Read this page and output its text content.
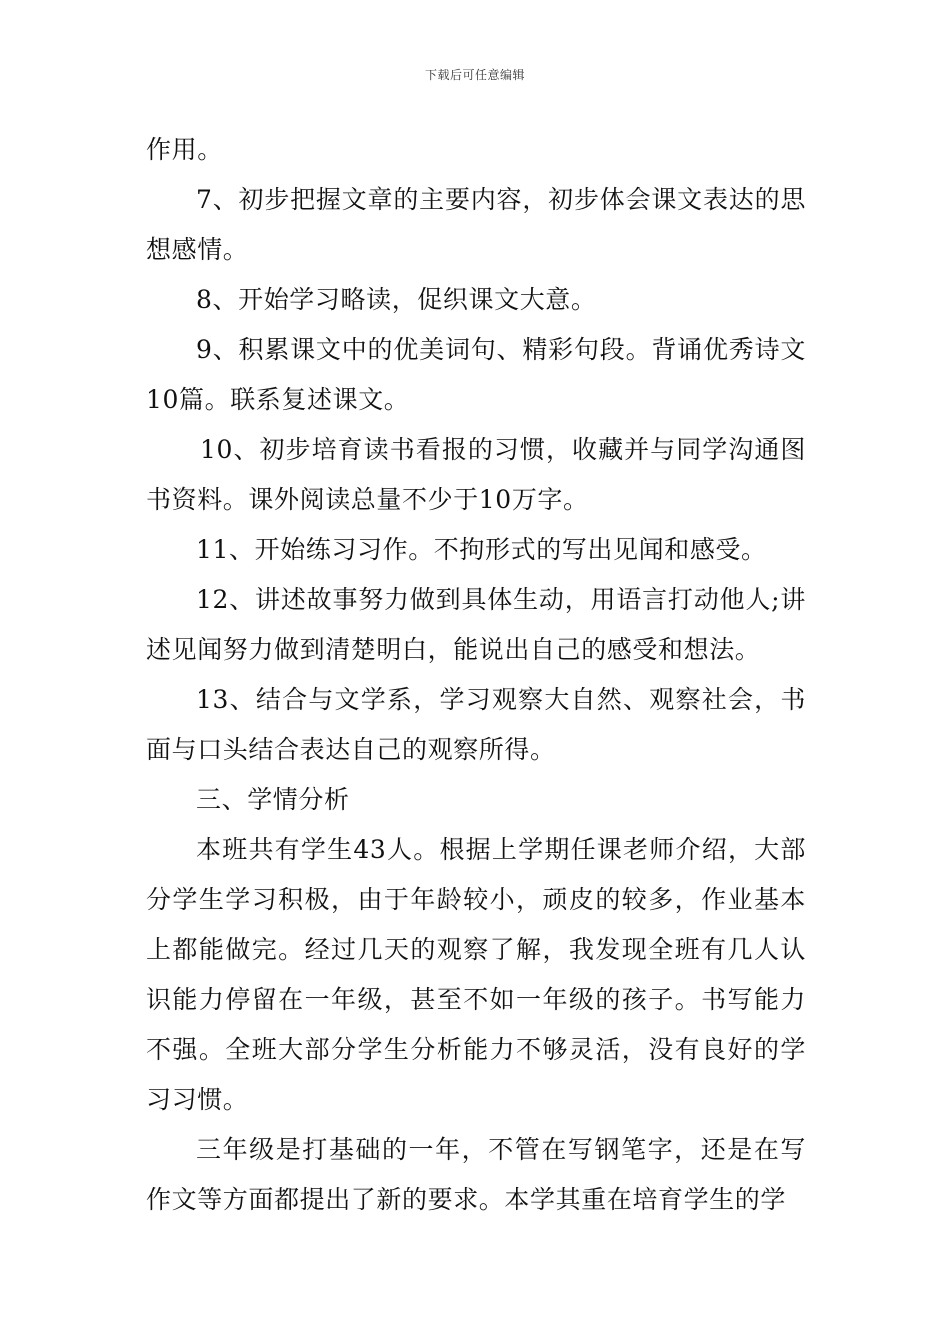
下载后可任意编辑

作用。

7、初步把握文章的主要内容，初步体会课文表达的思想感情。

8、开始学习略读，促织课文大意。

9、积累课文中的优美词句、精彩句段。背诵优秀诗文10篇。联系复述课文。

10、初步培育读书看报的习惯，收藏并与同学沟通图书资料。课外阅读总量不少于10万字。

11、开始练习习作。不拘形式的写出见闻和感受。

12、讲述故事努力做到具体生动，用语言打动他人;讲述见闻努力做到清楚明白，能说出自己的感受和想法。

13、结合与文学系，学习观察大自然、观察社会，书面与口头结合表达自己的观察所得。

三、学情分析

本班共有学生43人。根据上学期任课老师介绍，大部分学生学习积极，由于年龄较小，顽皮的较多，作业基本上都能做完。经过几天的观察了解，我发现全班有几人认识能力停留在一年级，甚至不如一年级的孩子。书写能力不强。全班大部分学生分析能力不够灵活，没有良好的学习习惯。

三年级是打基础的一年，不管在写钢笔字，还是在写作文等方面都提出了新的要求。本学其重在培育学生的学
